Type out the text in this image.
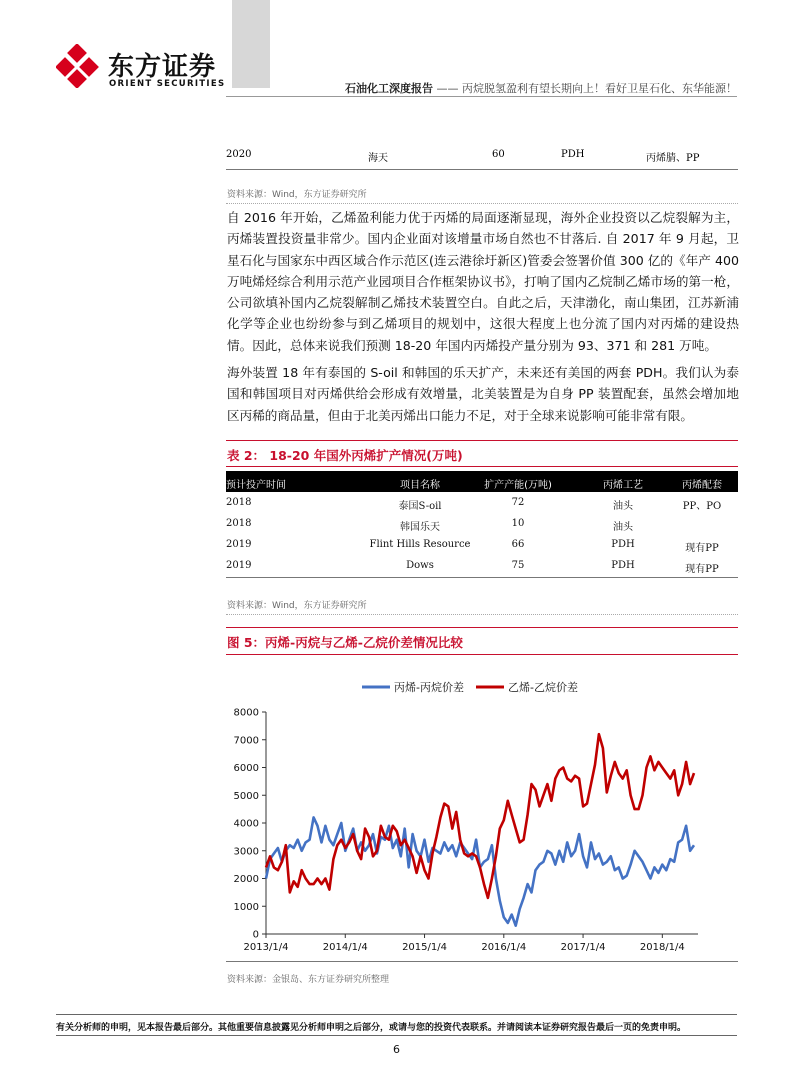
东方证券
ORIENT SECURITIES	石油化工深度报告 —— 丙烷脱氢盈利有望长期向上！看好卫星石化、东华能源！
2020	海天	60	PDH	丙烯腈、PP
资料来源：Wind，东方证券研究所

自 2016 年开始，乙烯盈利能力优于丙烯的局面逐渐显现，海外企业投资以乙烷裂解为主，丙烯装置投资量非常少。国内企业面对该增量市场自然也不甘落后. 自 2017 年 9 月起，卫星石化与国家东中西区域合作示范区(连云港徐圩新区)管委会签署价值 300 亿的《年产 400 万吨烯烃综合利用示范产业园项目合作框架协议书》，打响了国内乙烷制乙烯市场的第一枪，公司欲填补国内乙烷裂解制乙烯技术装置空白。自此之后，天津渤化，南山集团，江苏新浦化学等企业也纷纷参与到乙烯项目的规划中，这很大程度上也分流了国内对丙烯的建设热情。因此，总体来说我们预测 18-20 年国内丙烯投产量分别为 93、371 和 281 万吨。

海外装置 18 年有泰国的 S-oil 和韩国的乐天扩产，未来还有美国的两套 PDH。我们认为泰国和韩国项目对丙烯供给会形成有效增量，北美装置是为自身 PP 装置配套，虽然会增加地区丙稀的商品量，但由于北美丙烯出口能力不足，对于全球来说影响可能非常有限。

表 2： 18-20 年国外丙烯扩产情况(万吨)
预计投产时间	项目名称	扩产产能(万吨)	丙烯工艺	丙烯配套
2018	泰国S-oil	72	油头	PP、PO
2018	韩国乐天	10	油头
2019	Flint Hills Resource	66	PDH	现有PP
2019	Dows	75	PDH	现有PP
资料来源：Wind，东方证券研究所
图 5：丙烯-丙烷与乙烯-乙烷价差情况比较
0
1000
2000
3000
4000
5000
6000
7000
8000
2013/1/4	2014/1/4	2015/1/4	2016/1/4	2017/1/4	2018/1/4
丙烯-丙烷价差	乙烯-乙烷价差
资料来源：金银岛、东方证券研究所整理
有关分析师的申明，见本报告最后部分。其他重要信息披露见分析师申明之后部分，或请与您的投资代表联系。并请阅读本证券研究报告最后一页的免责申明。
6
